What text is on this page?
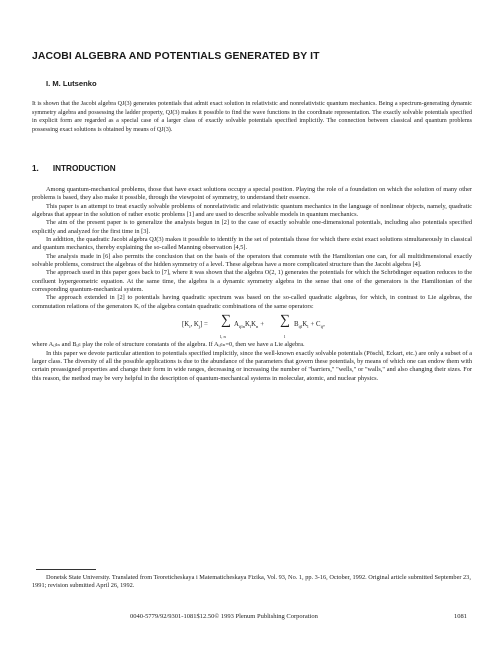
JACOBI ALGEBRA AND POTENTIALS GENERATED BY IT
I. M. Lutsenko

It is shown that the Jacobi algebra QJ(3) generates potentials that admit exact solution in relativistic and nonrelativistic quantum mechanics. Being a spectrum-generating dynamic symmetry algebra and possessing the ladder property, QJ(3) makes it possible to find the wave functions in the coordinate representation. The exactly solvable potentials specified in explicit form are regarded as a special case of a larger class of exactly solvable potentials specified implicitly. The connection between classical and quantum problems possessing exact solutions is obtained by means of QJ(3).

1. INTRODUCTION

Among quantum-mechanical problems, those that have exact solutions occupy a special position. Playing the role of a foundation on which the solution of many other problems is based, they also make it possible, through the viewpoint of symmetry, to understand their essence.

This paper is an attempt to treat exactly solvable problems of nonrelativistic and relativistic quantum mechanics in the language of nonlinear objects, namely, quadratic algebras that appear in the solution of rather exotic problems [1] and are used to describe solvable models in quantum mechanics.

The aim of the present paper is to generalize the analysis begun in [2] to the case of exactly solvable one-dimensional potentials, including also potentials specified explicitly and analyzed for the first time in [3].

In addition, the quadratic Jacobi algebra QJ(3) makes it possible to identify in the set of potentials those for which there exist exact solutions simultaneously in classical and quantum mechanics, thereby explaining the so-called Manning observation [4,5].

The analysis made in [6] also permits the conclusion that on the basis of the operators that commute with the Hamiltonian one can, for all multidimensional exactly solvable problems, construct the algebras of the hidden symmetry of a level. These algebras have a more complicated structure than the Jacobi algebra [4].

The approach used in this paper goes back to [7], where it was shown that the algebra O(2, 1) generates the potentials for which the Schrödinger equation reduces to the confluent hypergeometric equation. At the same time, the algebra is a dynamic symmetry algebra in the sense that one of the generators is the Hamiltonian of the corresponding quantum-mechanical system.

The approach extended in [2] to potentials having quadratic spectrum was based on the so-called quadratic algebras, for which, in contrast to Lie algebras, the commutation relations of the generators Kᵢ of the algebra contain quadratic combinations of the same operators:

[$K_i$, $K_j$] = ∑
l, n
$A_{ijln}K_lK_n$ + ∑
l
$B_{ijl}K_l + C_{ij}$,

where Aᵢⱼₗₙ and Bᵢⱼₗ play the role of structure constants of the algebra. If Aᵢⱼₗₙ=0, then we have a Lie algebra.

In this paper we devote particular attention to potentials specified implicitly, since the well-known exactly solvable potentials (Pöschl, Eckart, etc.) are only a subset of a larger class. The diversity of all the possible applications is due to the abundance of the parameters that govern these potentials, by means of which one can endow them with certain preassigned properties and change their form in wide ranges, decreasing or increasing the number of "barriers," "wells," or "walls," and also changing their sizes. For this reason, the method may be very helpful in the description of quantum-mechanical systems in molecular, atomic, and nuclear physics.

Donetsk State University. Translated from Teoreticheskaya i Matematicheskaya Fizika, Vol. 93, No. 1, pp. 3-16, October, 1992. Original article submitted September 23, 1991; revision submitted April 26, 1992.
0040-5779/92/9301-1081$12.50© 1993 Plenum Publishing Corporation	1081
